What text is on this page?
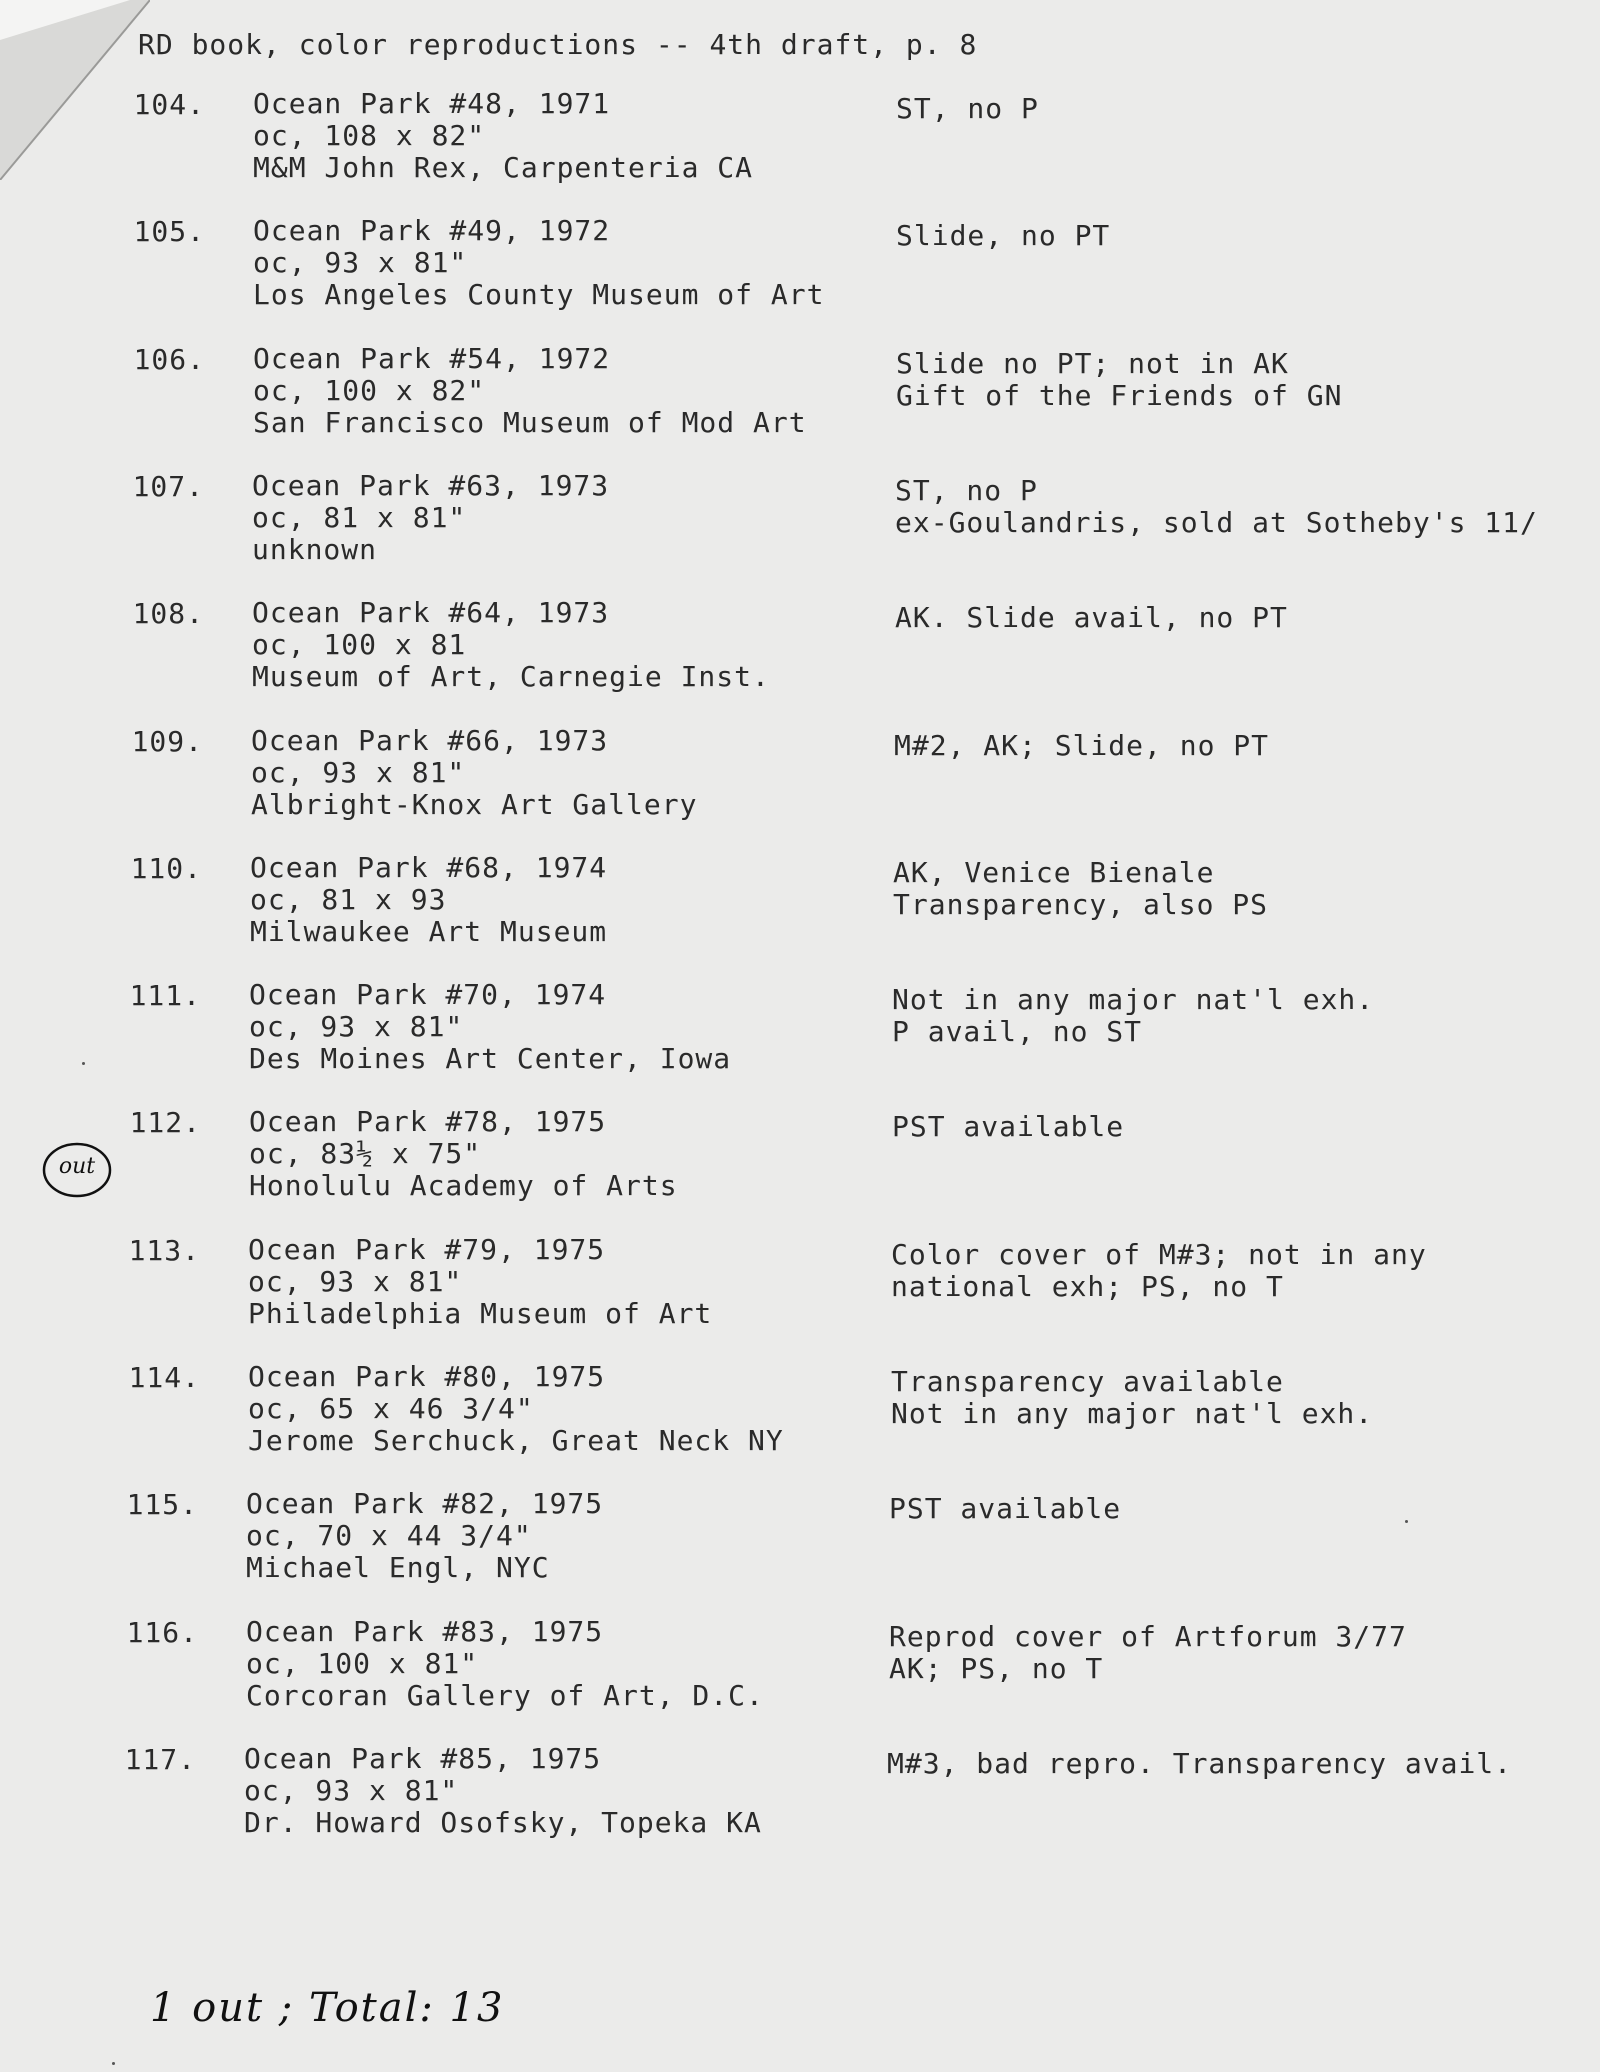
RD book, color reproductions -- 4th draft, p. 8
104. Ocean Park #48, 1971
oc, 108 x 82"
M&M John Rex, Carpenteria CA
ST, no P
105. Ocean Park #49, 1972
oc, 93 x 81"
Los Angeles County Museum of Art
Slide, no PT
106. Ocean Park #54, 1972
oc, 100 x 82"
San Francisco Museum of Mod Art
Slide no PT; not in AK
Gift of the Friends of GN
107. Ocean Park #63, 1973
oc, 81 x 81"
unknown
ST, no P
ex-Goulandris, sold at Sotheby's 11/
108. Ocean Park #64, 1973
oc, 100 x 81
Museum of Art, Carnegie Inst.
AK. Slide avail, no PT
109. Ocean Park #66, 1973
oc, 93 x 81"
Albright-Knox Art Gallery
M#2, AK; Slide, no PT
110. Ocean Park #68, 1974
oc, 81 x 93
Milwaukee Art Museum
AK, Venice Bienale
Transparency, also PS
111. Ocean Park #70, 1974
oc, 93 x 81"
Des Moines Art Center, Iowa
Not in any major nat'l exh.
P avail, no ST
112. Ocean Park #78, 1975
oc, 83½ x 75"
Honolulu Academy of Arts
PST available
113. Ocean Park #79, 1975
oc, 93 x 81"
Philadelphia Museum of Art
Color cover of M#3; not in any
national exh; PS, no T
114. Ocean Park #80, 1975
oc, 65 x 46 3/4"
Jerome Serchuck, Great Neck NY
Transparency available
Not in any major nat'l exh.
115. Ocean Park #82, 1975
oc, 70 x 44 3/4"
Michael Engl, NYC
PST available
116. Ocean Park #83, 1975
oc, 100 x 81"
Corcoran Gallery of Art, D.C.
Reprod cover of Artforum 3/77
AK; PS, no T
117. Ocean Park #85, 1975
oc, 93 x 81"
Dr. Howard Osofsky, Topeka KA
M#3, bad repro. Transparency avail.
out
1 out ; Total: 13
